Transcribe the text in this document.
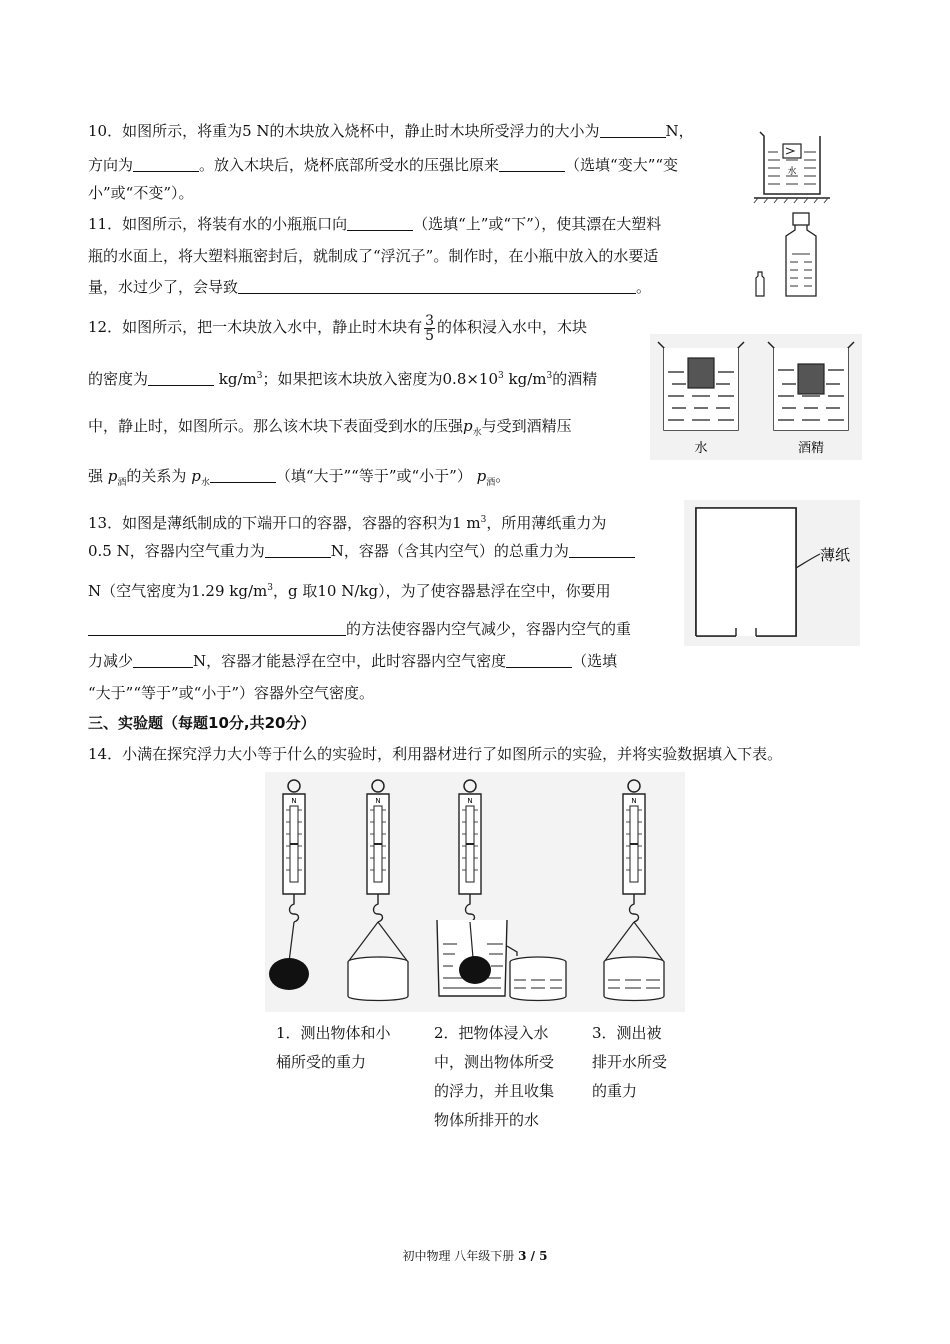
10．如图所示，将重为5 N的木块放入烧杯中，静止时木块所受浮力的大小为	N，
方向为	。放入木块后，烧杯底部所受水的压强比原来	（选填“变大”“变
小”或“不变”）。
水
11．如图所示，将装有水的小瓶瓶口向	（选填“上”或“下”），使其漂在大塑料
瓶的水面上，将大塑料瓶密封后，就制成了“浮沉子”。制作时，在小瓶中放入的水要适
量，水过少了，会导致	。
12．如图所示，把一木块放入水中，静止时木块有 $\frac{3}{5}$ 的体积浸入水中，木块
的密度为	$kg/m^3$；如果把该木块放入密度为$0.8\times 10^3$ $kg/m^3$的酒精
中，静止时，如图所示。那么该木块下表面受到水的压强$p_水$与受到酒精压
强 $p_酒$的关系为 $p_水$	（填“大于”“等于”或“小于”） $p_酒$。
水	酒精
13．如图是薄纸制成的下端开口的容器，容器的容积为1 $m^3$，所用薄纸重力为
0.5 N，容器内空气重力为	N，容器（含其内空气）的总重力为
N（空气密度为1.29 $kg/m^3$，g 取10 N/kg），为了使容器悬浮在空中，你要用
的方法使容器内空气减少，容器内空气的重
力减少	N，容器才能悬浮在空中，此时容器内空气密度	（选填
“大于”“等于”或“小于”）容器外空气密度。
薄纸
三、实验题（每题10分,共20分）
14．小满在探究浮力大小等于什么的实验时，利用器材进行了如图所示的实验，并将实验数据填入下表。
N	N	N	N
1．测出物体和小
桶所受的重力
2．把物体浸入水
中，测出物体所受
的浮力，并且收集
物体所排开的水
3．测出被
排开水所受
的重力
初中物理 八年级下册 3 / 5
